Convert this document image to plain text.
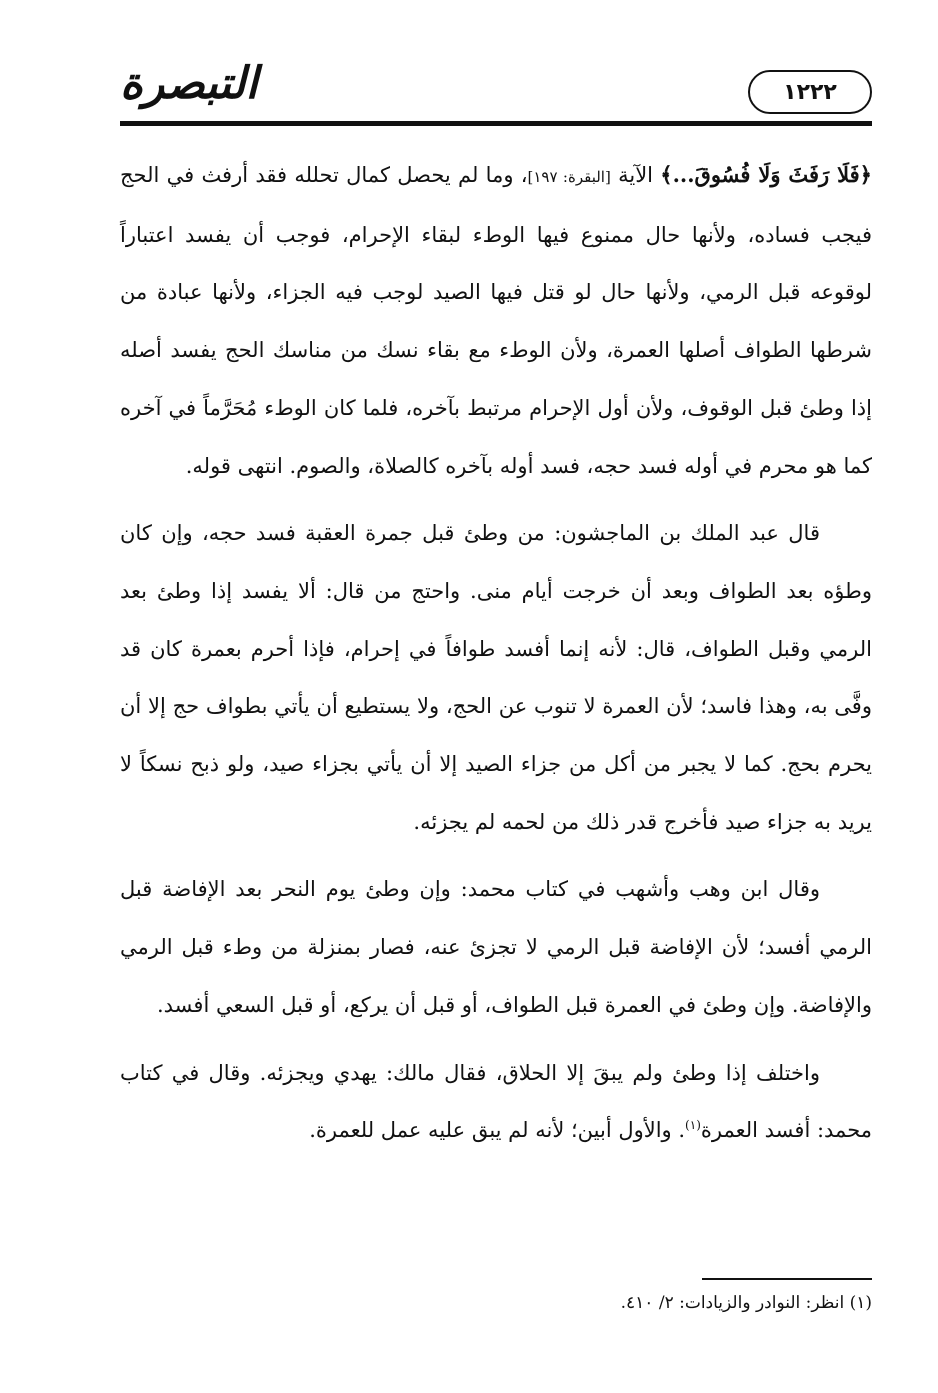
التبصرة	١٢٢٢

﴿فَلَا رَفَثَ وَلَا فُسُوقَ...﴾ الآية [البقرة: ١٩٧]، وما لم يحصل كمال تحلله فقد أرفث في الحج فيجب فساده، ولأنها حال ممنوع فيها الوطء لبقاء الإحرام، فوجب أن يفسد اعتباراً لوقوعه قبل الرمي، ولأنها حال لو قتل فيها الصيد لوجب فيه الجزاء، ولأنها عبادة من شرطها الطواف أصلها العمرة، ولأن الوطء مع بقاء نسك من مناسك الحج يفسد أصله إذا وطئ قبل الوقوف، ولأن أول الإحرام مرتبط بآخره، فلما كان الوطء مُحَرَّماً في آخره كما هو محرم في أوله فسد حجه، فسد أوله بآخره كالصلاة، والصوم. انتهى قوله.

قال عبد الملك بن الماجشون: من وطئ قبل جمرة العقبة فسد حجه، وإن كان وطؤه بعد الطواف وبعد أن خرجت أيام منى. واحتج من قال: ألا يفسد إذا وطئ بعد الرمي وقبل الطواف، قال: لأنه إنما أفسد طوافاً في إحرام، فإذا أحرم بعمرة كان قد وفَّى به، وهذا فاسد؛ لأن العمرة لا تنوب عن الحج، ولا يستطيع أن يأتي بطواف حج إلا أن يحرم بحج. كما لا يجبر من أكل من جزاء الصيد إلا أن يأتي بجزاء صيد، ولو ذبح نسكاً لا يريد به جزاء صيد فأخرج قدر ذلك من لحمه لم يجزئه.

وقال ابن وهب وأشهب في كتاب محمد: وإن وطئ يوم النحر بعد الإفاضة قبل الرمي أفسد؛ لأن الإفاضة قبل الرمي لا تجزئ عنه، فصار بمنزلة من وطء قبل الرمي والإفاضة. وإن وطئ في العمرة قبل الطواف، أو قبل أن يركع، أو قبل السعي أفسد.

واختلف إذا وطئ ولم يبقَ إلا الحلاق، فقال مالك: يهدي ويجزئه. وقال في كتاب محمد: أفسد العمرة$^{(١)}$. والأول أبين؛ لأنه لم يبق عليه عمل للعمرة.

(١) انظر: النوادر والزيادات: ٢/ ٤١٠.
